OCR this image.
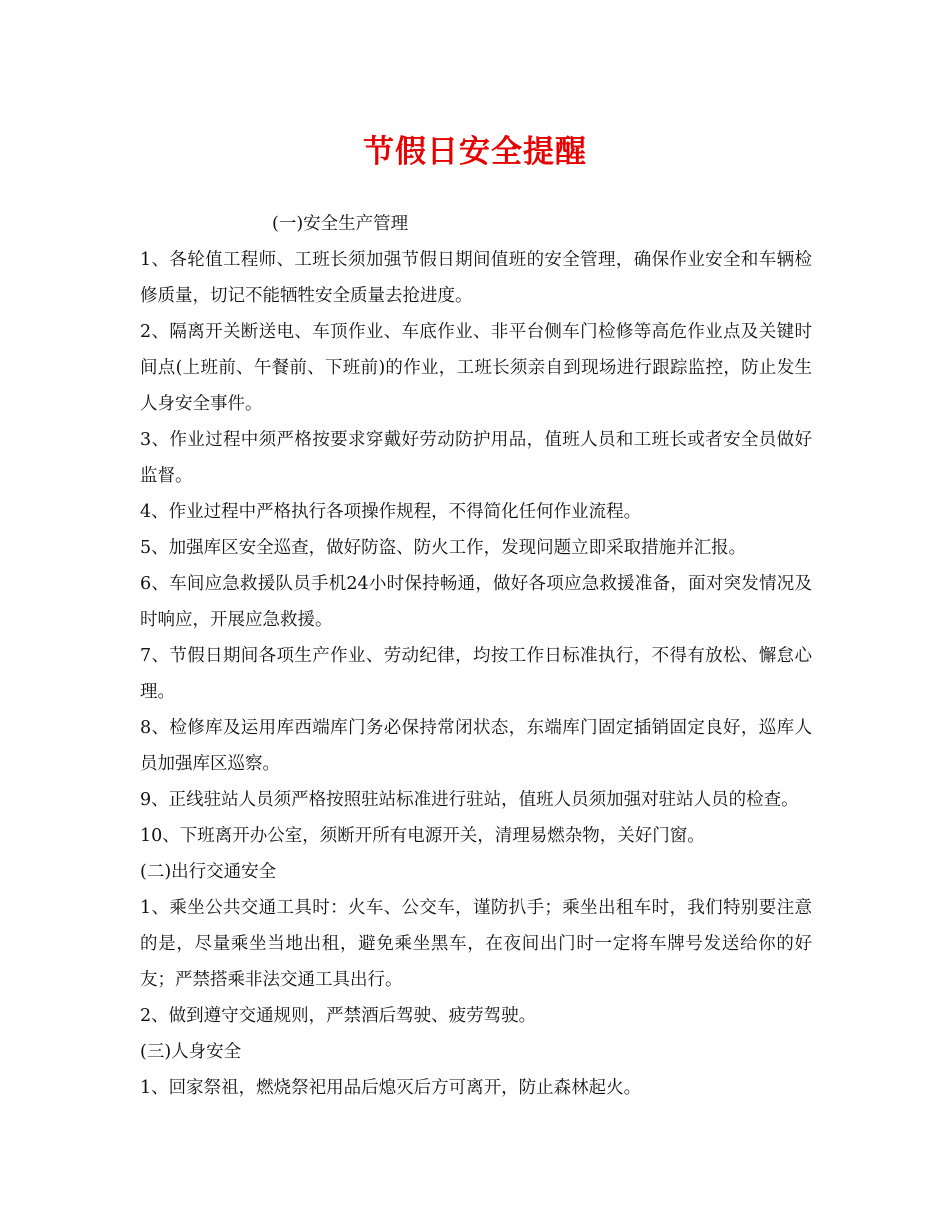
节假日安全提醒

(一)安全生产管理

1、各轮值工程师、工班长须加强节假日期间值班的安全管理，确保作业安全和车辆检修质量，切记不能牺牲安全质量去抢进度。

2、隔离开关断送电、车顶作业、车底作业、非平台侧车门检修等高危作业点及关键时间点(上班前、午餐前、下班前)的作业，工班长须亲自到现场进行跟踪监控，防止发生人身安全事件。

3、作业过程中须严格按要求穿戴好劳动防护用品，值班人员和工班长或者安全员做好监督。

4、作业过程中严格执行各项操作规程，不得简化任何作业流程。

5、加强库区安全巡查，做好防盗、防火工作，发现问题立即采取措施并汇报。

6、车间应急救援队员手机24小时保持畅通，做好各项应急救援准备，面对突发情况及时响应，开展应急救援。

7、节假日期间各项生产作业、劳动纪律，均按工作日标准执行，不得有放松、懈怠心理。

8、检修库及运用库西端库门务必保持常闭状态，东端库门固定插销固定良好，巡库人员加强库区巡察。

9、正线驻站人员须严格按照驻站标准进行驻站，值班人员须加强对驻站人员的检查。

10、下班离开办公室，须断开所有电源开关，清理易燃杂物，关好门窗。

(二)出行交通安全

1、乘坐公共交通工具时：火车、公交车，谨防扒手；乘坐出租车时，我们特别要注意的是，尽量乘坐当地出租，避免乘坐黑车，在夜间出门时一定将车牌号发送给你的好友；严禁搭乘非法交通工具出行。

2、做到遵守交通规则，严禁酒后驾驶、疲劳驾驶。

(三)人身安全

1、回家祭祖，燃烧祭祀用品后熄灭后方可离开，防止森林起火。
